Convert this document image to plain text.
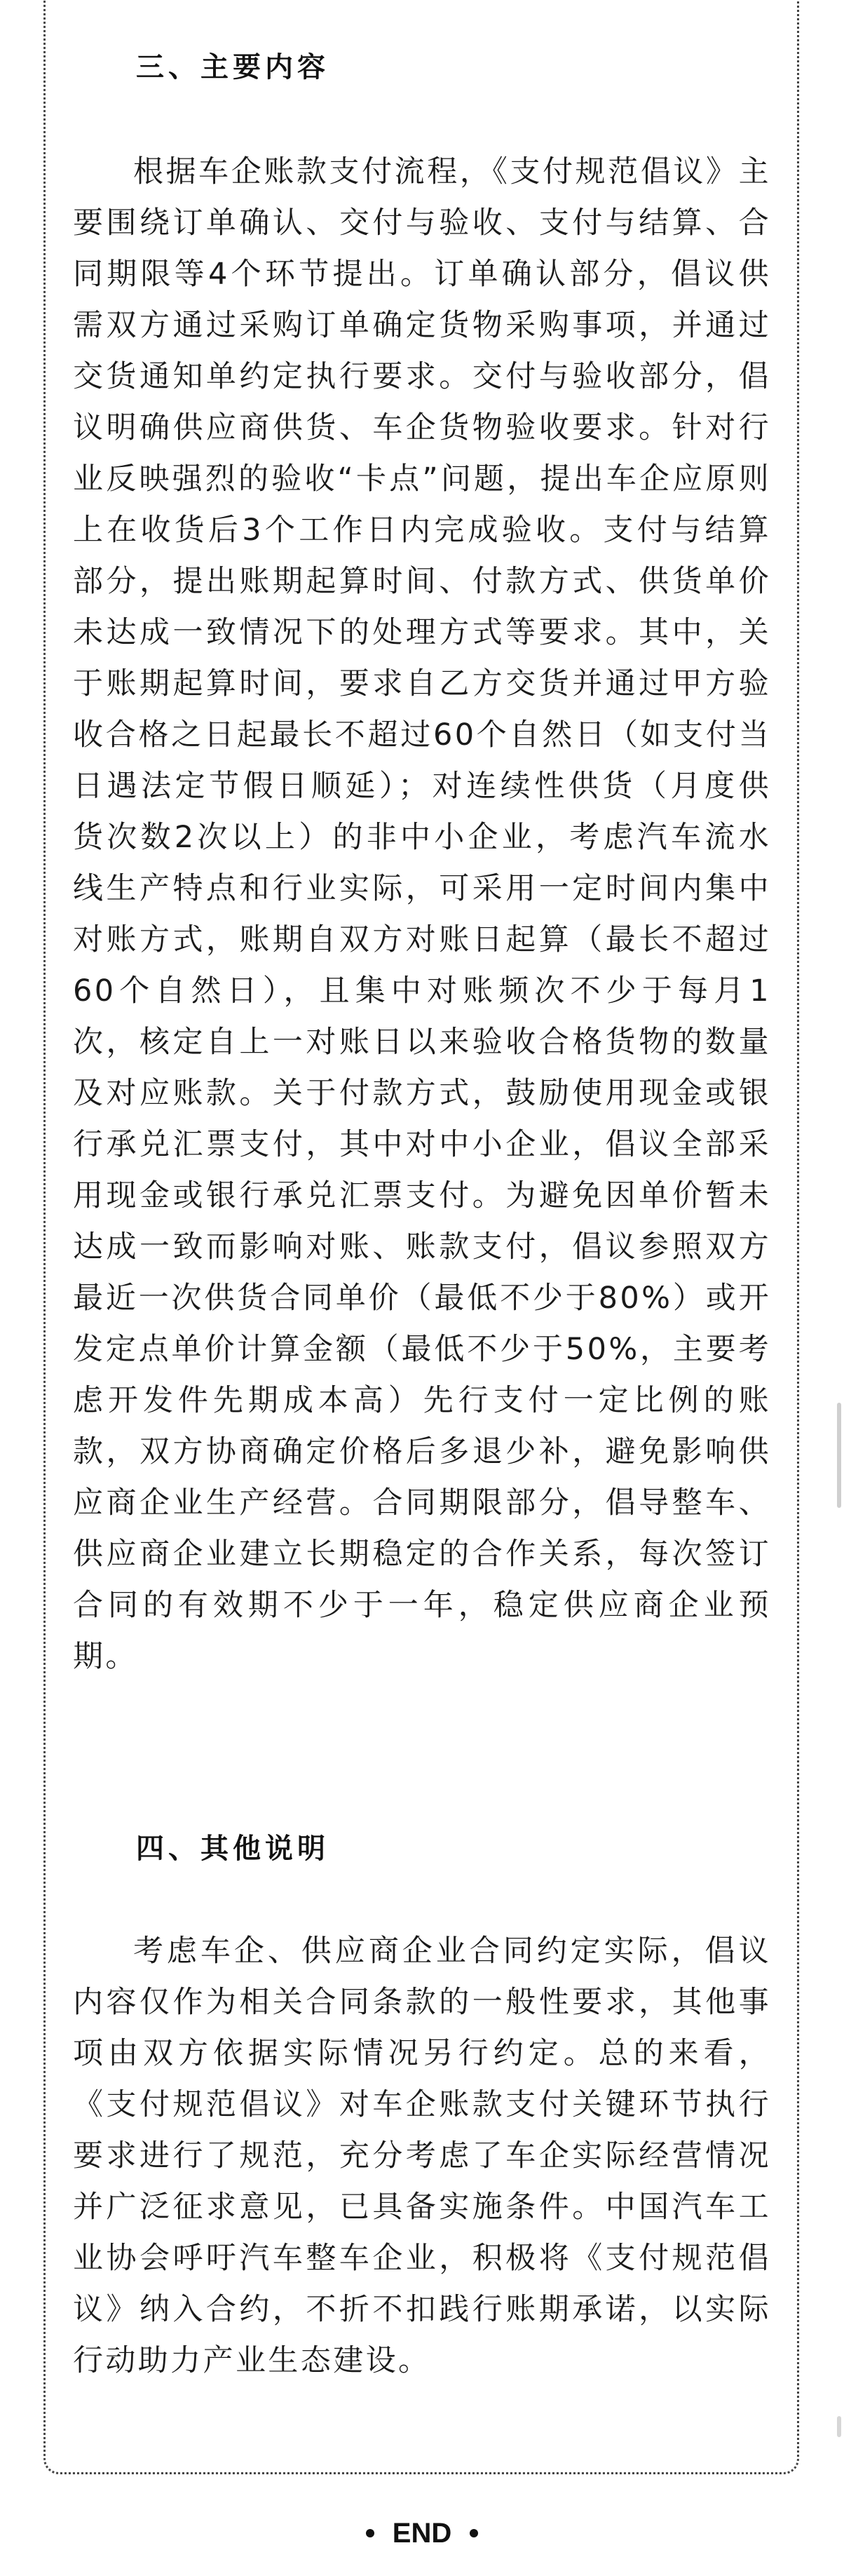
三、主要内容
根据车企账款支付流程，《支付规范倡议》主要围绕订单确认、交付与验收、支付与结算、合同期限等4个环节提出。订单确认部分，倡议供需双方通过采购订单确定货物采购事项，并通过交货通知单约定执行要求。交付与验收部分，倡议明确供应商供货、车企货物验收要求。针对行业反映强烈的验收“卡点”问题，提出车企应原则上在收货后3个工作日内完成验收。支付与结算部分，提出账期起算时间、付款方式、供货单价未达成一致情况下的处理方式等要求。其中，关于账期起算时间，要求自乙方交货并通过甲方验收合格之日起最长不超过60个自然日（如支付当日遇法定节假日顺延）；对连续性供货（月度供货次数2次以上）的非中小企业，考虑汽车流水线生产特点和行业实际，可采用一定时间内集中对账方式，账期自双方对账日起算（最长不超过60个自然日），且集中对账频次不少于每月1次，核定自上一对账日以来验收合格货物的数量及对应账款。关于付款方式，鼓励使用现金或银行承兑汇票支付，其中对中小企业，倡议全部采用现金或银行承兑汇票支付。为避免因单价暂未达成一致而影响对账、账款支付，倡议参照双方最近一次供货合同单价（最低不少于80%）或开发定点单价计算金额（最低不少于50%，主要考虑开发件先期成本高）先行支付一定比例的账款，双方协商确定价格后多退少补，避免影响供应商企业生产经营。合同期限部分，倡导整车、供应商企业建立长期稳定的合作关系，每次签订合同的有效期不少于一年，稳定供应商企业预期。
四、其他说明
考虑车企、供应商企业合同约定实际，倡议内容仅作为相关合同条款的一般性要求，其他事项由双方依据实际情况另行约定。总的来看，《支付规范倡议》对车企账款支付关键环节执行要求进行了规范，充分考虑了车企实际经营情况并广泛征求意见，已具备实施条件。中国汽车工业协会呼吁汽车整车企业，积极将《支付规范倡议》纳入合约，不折不扣践行账期承诺，以实际行动助力产业生态建设。
END
